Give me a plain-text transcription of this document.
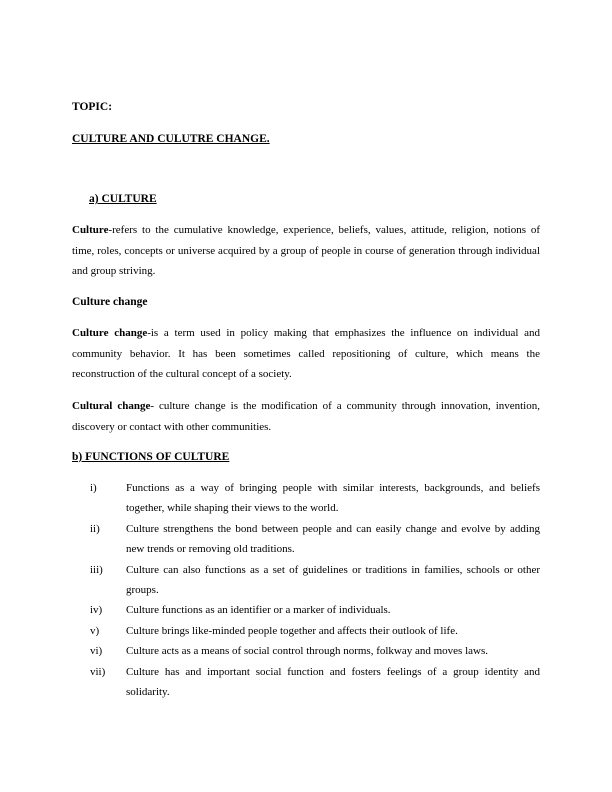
TOPIC:
CULTURE AND CULUTRE CHANGE.
a) CULTURE

Culture-refers to the cumulative knowledge, experience, beliefs, values, attitude, religion, notions of time, roles, concepts or universe acquired by a group of people in course of generation through individual and group striving.

Culture change

Culture change-is a term used in policy making that emphasizes the influence on individual and community behavior. It has been sometimes called repositioning of culture, which means the reconstruction of the cultural concept of a society.

Cultural change- culture change is the modification of a community through innovation, invention, discovery or contact with other communities.

b) FUNCTIONS OF CULTURE
i)	Functions as a way of bringing people with similar interests, backgrounds, and beliefs together, while shaping their views to the world.
ii) Culture strengthens the bond between people and can easily change and evolve by adding new trends or removing old traditions.
iii) Culture can also functions as a set of guidelines or traditions in families, schools or other groups.
iv) Culture functions as an identifier or a marker of individuals.
v) Culture brings like-minded people together and affects their outlook of life.
vi) Culture acts as a means of social control through norms, folkway and moves laws.
vii) Culture has and important social function and fosters feelings of a group identity and solidarity.
